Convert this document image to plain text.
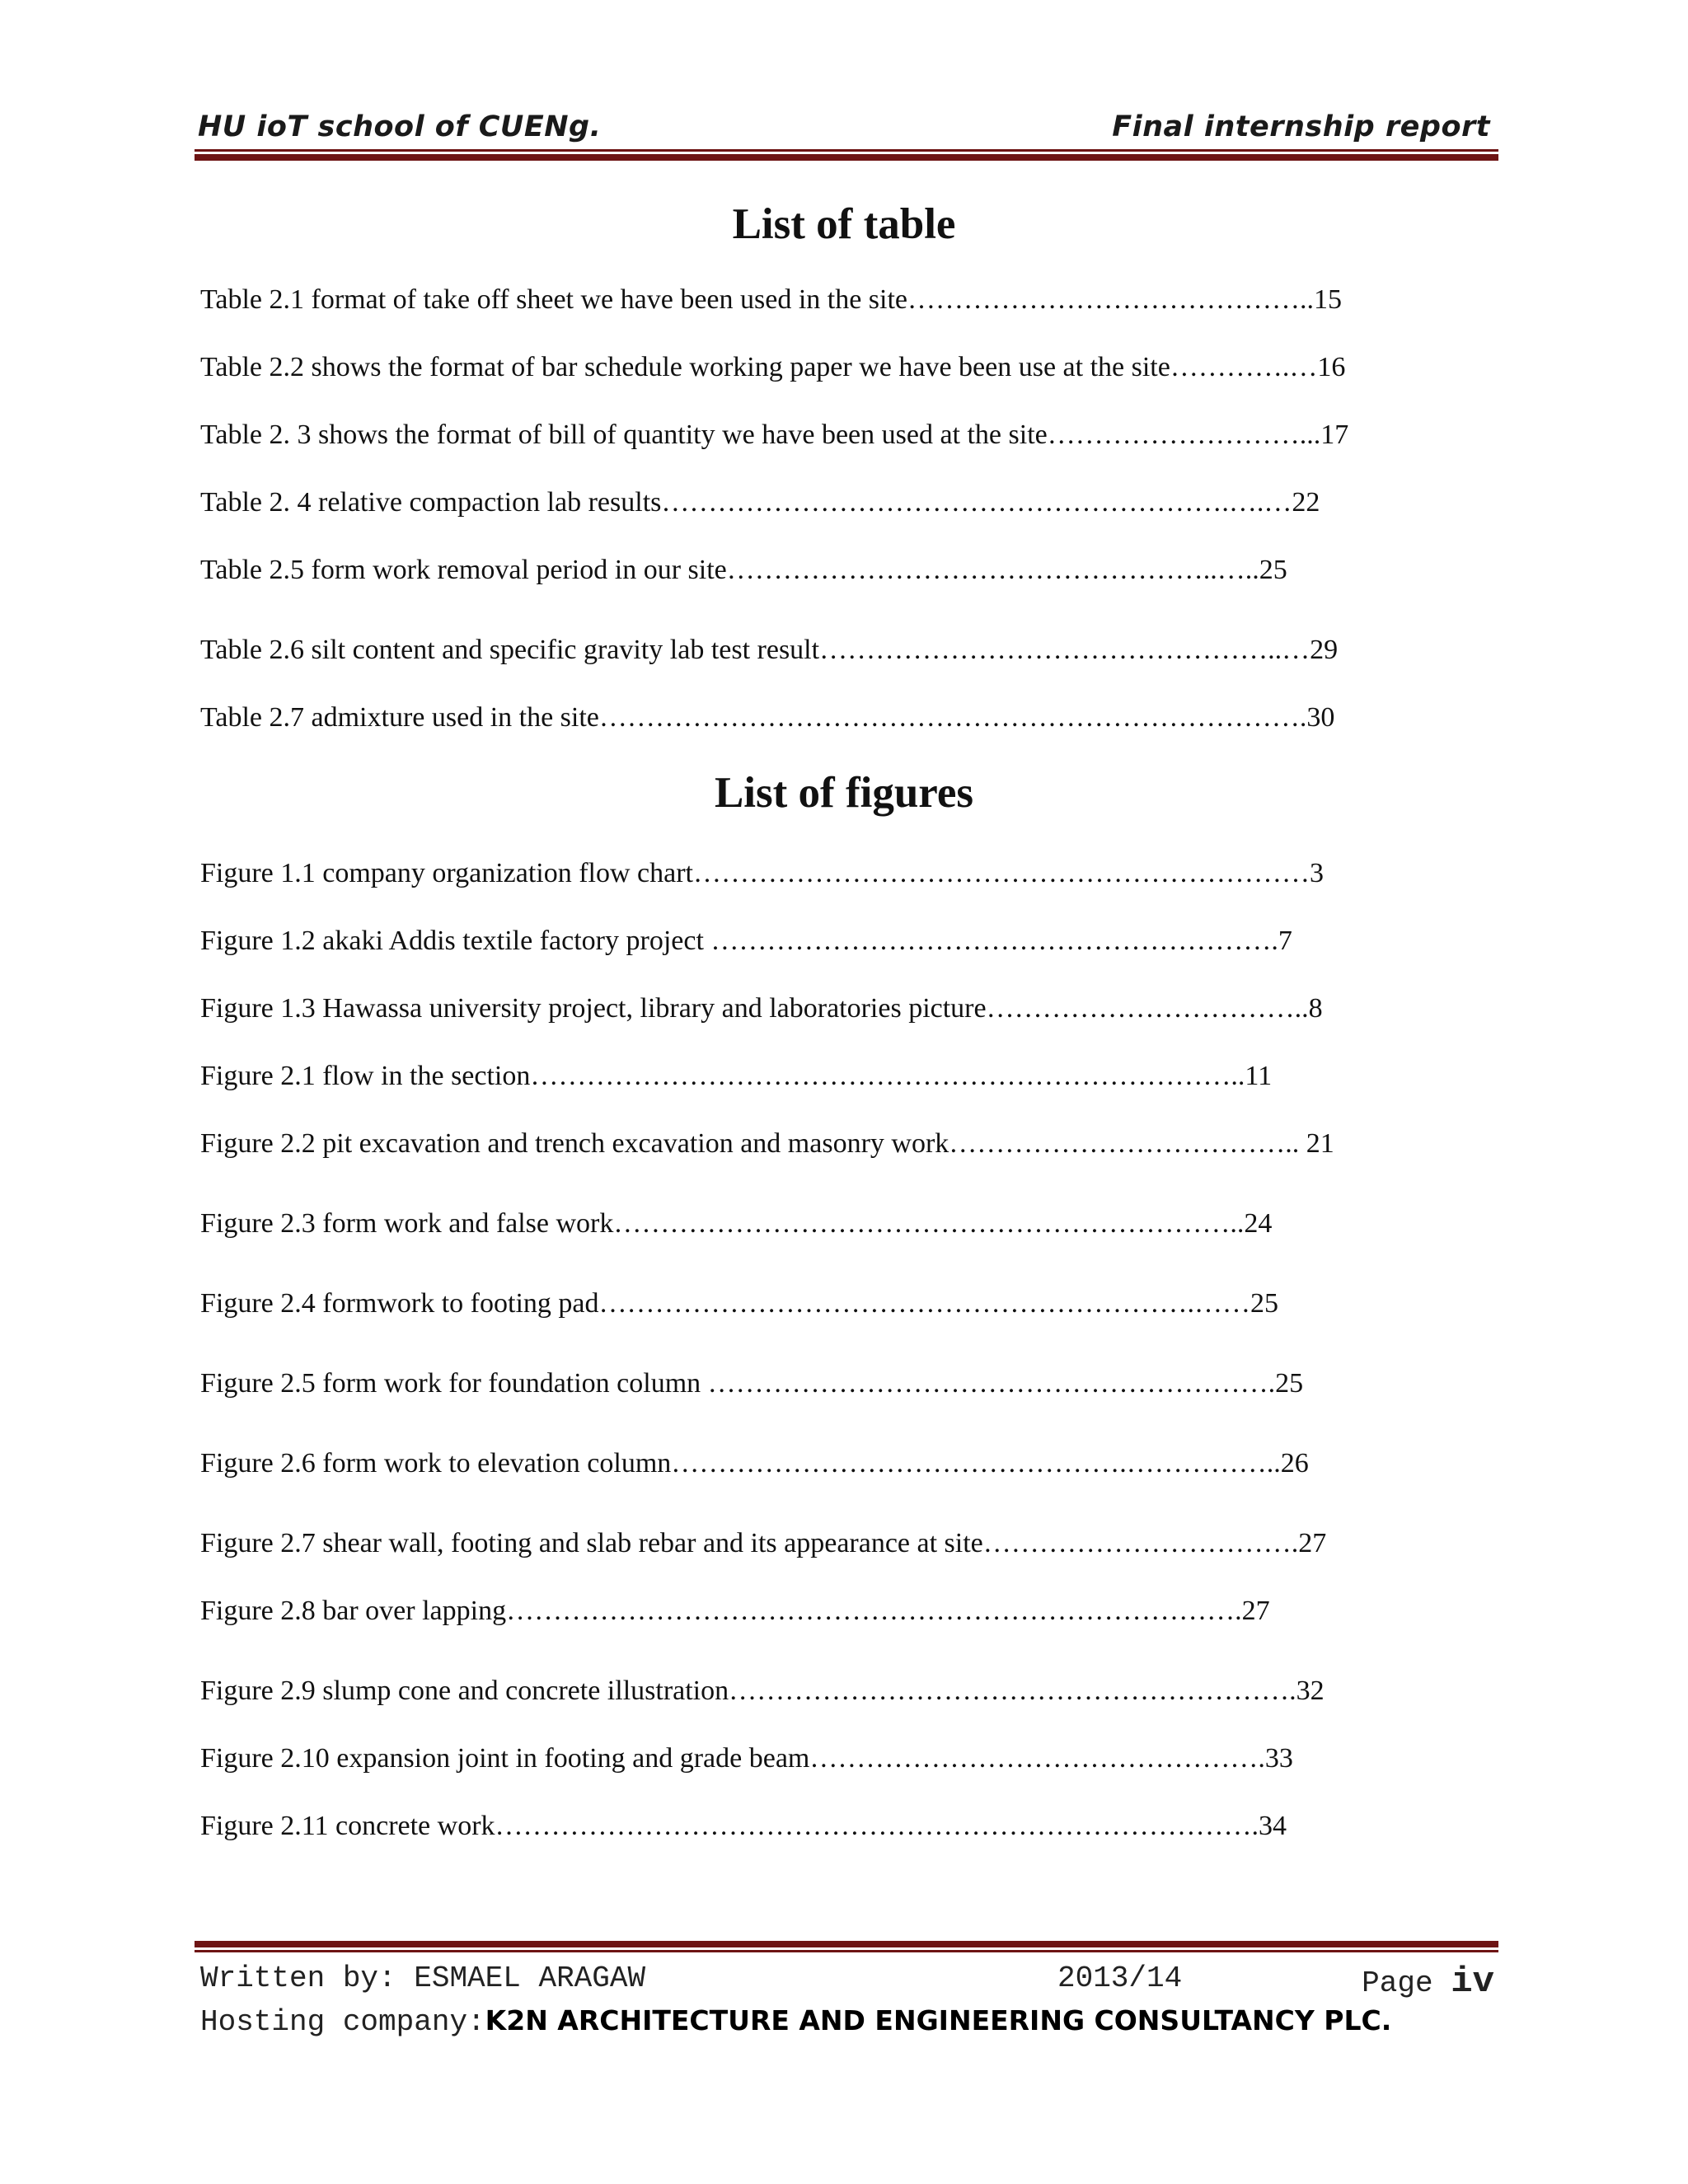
HU ioT school of CUENg.	Final internship report
List of table
Table 2.1 format of take off sheet we have been used in the site……………………………………..15
Table 2.2 shows the format of bar schedule working paper we have been use at the site………….…16
Table 2. 3 shows the format of bill of quantity we have been used at the site………………………...17
Table 2. 4 relative compaction lab results…………………………………………………….….…22
Table 2.5 form work removal period in our site……………………………………………..…..25
Table 2.6 silt content and specific gravity lab test result…………………………………………..…29
Table 2.7 admixture used in the site………………………………………………………………….30
List of figures
Figure 1.1 company organization flow chart…………………………………………………………3
Figure 1.2 akaki Addis textile factory project …………………………………………………….7
Figure 1.3 Hawassa university project, library and laboratories picture……………………………..8
Figure 2.1 flow in the section…………………………………………………………………..11
Figure 2.2 pit excavation and trench excavation and masonry work……………………………….. 21
Figure 2.3 form work and false work…………………………………………………………..24
Figure 2.4 formwork to footing pad……………………………………………………….……25
Figure 2.5 form work for foundation column …………………………………………………….25
Figure 2.6 form work to elevation column………………………………………….……………..26
Figure 2.7 shear wall, footing and slab rebar and its appearance at site…………………………….27
Figure 2.8 bar over lapping…………………………………………………………………….27
Figure 2.9 slump cone and concrete illustration…………………………………………………….32
Figure 2.10 expansion joint in footing and grade beam………………………………………….33
Figure 2.11 concrete work……………………………………………………………………….34
Written by: ESMAEL ARAGAW	2013/14	Page iv
Hosting company:K2N ARCHITECTURE AND ENGINEERING CONSULTANCY PLC.
